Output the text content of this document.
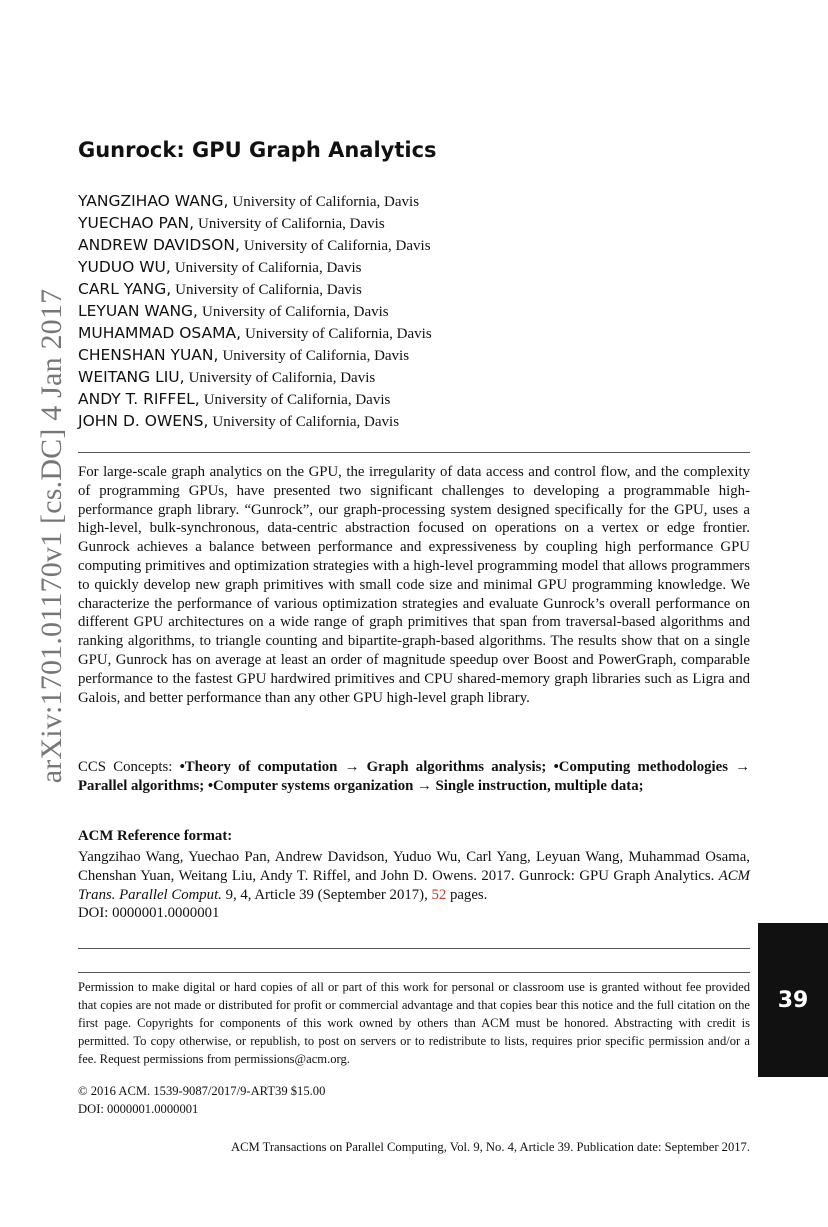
arXiv:1701.01170v1 [cs.DC] 4 Jan 2017
Gunrock: GPU Graph Analytics
YANGZIHAO WANG, University of California, Davis
YUECHAO PAN, University of California, Davis
ANDREW DAVIDSON, University of California, Davis
YUDUO WU, University of California, Davis
CARL YANG, University of California, Davis
LEYUAN WANG, University of California, Davis
MUHAMMAD OSAMA, University of California, Davis
CHENSHAN YUAN, University of California, Davis
WEITANG LIU, University of California, Davis
ANDY T. RIFFEL, University of California, Davis
JOHN D. OWENS, University of California, Davis

For large-scale graph analytics on the GPU, the irregularity of data access and control flow, and the complexity of programming GPUs, have presented two significant challenges to developing a programmable high-performance graph library. “Gunrock”, our graph-processing system designed specifically for the GPU, uses a high-level, bulk-synchronous, data-centric abstraction focused on operations on a vertex or edge frontier. Gunrock achieves a balance between performance and expressiveness by coupling high performance GPU computing primitives and optimization strategies with a high-level programming model that allows programmers to quickly develop new graph primitives with small code size and minimal GPU programming knowledge. We characterize the performance of various optimization strategies and evaluate Gunrock’s overall performance on different GPU architectures on a wide range of graph primitives that span from traversal-based algorithms and ranking algorithms, to triangle counting and bipartite-graph-based algorithms. The results show that on a single GPU, Gunrock has on average at least an order of magnitude speedup over Boost and PowerGraph, comparable performance to the fastest GPU hardwired primitives and CPU shared-memory graph libraries such as Ligra and Galois, and better performance than any other GPU high-level graph library.

CCS Concepts: •Theory of computation → Graph algorithms analysis; •Computing methodologies → Parallel algorithms; •Computer systems organization → Single instruction, multiple data;

ACM Reference format:

Yangzihao Wang, Yuechao Pan, Andrew Davidson, Yuduo Wu, Carl Yang, Leyuan Wang, Muhammad Osama, Chenshan Yuan, Weitang Liu, Andy T. Riffel, and John D. Owens. 2017. Gunrock: GPU Graph Analytics. ACM Trans. Parallel Comput. 9, 4, Article 39 (September 2017), 52 pages.
DOI: 0000001.0000001

Permission to make digital or hard copies of all or part of this work for personal or classroom use is granted without fee provided that copies are not made or distributed for profit or commercial advantage and that copies bear this notice and the full citation on the first page. Copyrights for components of this work owned by others than ACM must be honored. Abstracting with credit is permitted. To copy otherwise, or republish, to post on servers or to redistribute to lists, requires prior specific permission and/or a fee. Request permissions from permissions@acm.org.

© 2016 ACM. 1539-9087/2017/9-ART39 $15.00
DOI: 0000001.0000001
39
ACM Transactions on Parallel Computing, Vol. 9, No. 4, Article 39. Publication date: September 2017.
